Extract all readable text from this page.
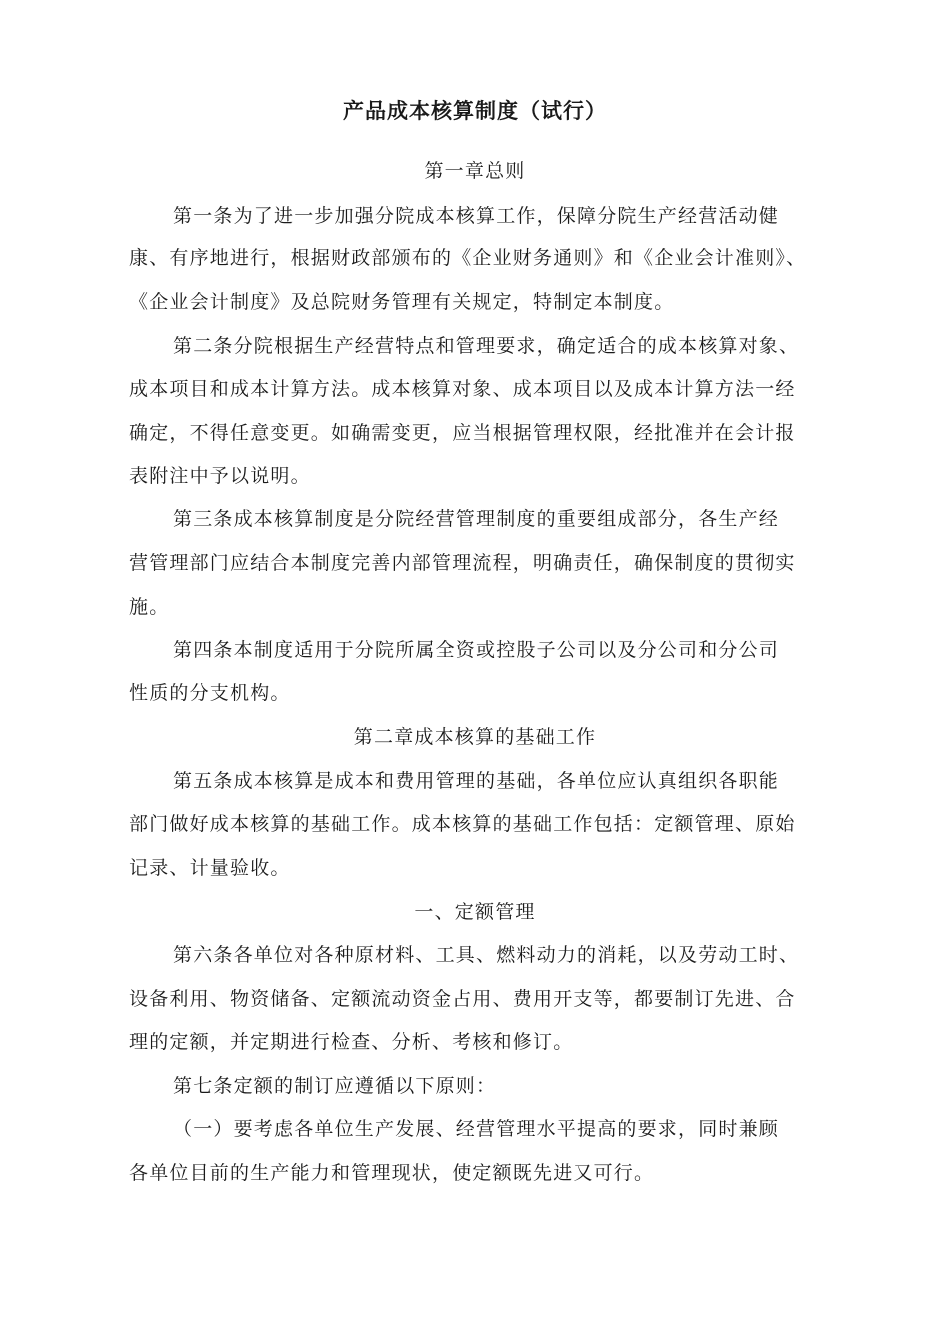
产品成本核算制度（试行）
第一章总则
第一条为了进一步加强分院成本核算工作，保障分院生产经营活动健
康、有序地进行，根据财政部颁布的《企业财务通则》和《企业会计准则》、
《企业会计制度》及总院财务管理有关规定，特制定本制度。
第二条分院根据生产经营特点和管理要求，确定适合的成本核算对象、
成本项目和成本计算方法。成本核算对象、成本项目以及成本计算方法一经
确定，不得任意变更。如确需变更，应当根据管理权限，经批准并在会计报
表附注中予以说明。
第三条成本核算制度是分院经营管理制度的重要组成部分，各生产经
营管理部门应结合本制度完善内部管理流程，明确责任，确保制度的贯彻实
施。
第四条本制度适用于分院所属全资或控股子公司以及分公司和分公司
性质的分支机构。
第二章成本核算的基础工作
第五条成本核算是成本和费用管理的基础，各单位应认真组织各职能
部门做好成本核算的基础工作。成本核算的基础工作包括：定额管理、原始
记录、计量验收。
一、定额管理
第六条各单位对各种原材料、工具、燃料动力的消耗，以及劳动工时、
设备利用、物资储备、定额流动资金占用、费用开支等，都要制订先进、合
理的定额，并定期进行检查、分析、考核和修订。
第七条定额的制订应遵循以下原则：
（一）要考虑各单位生产发展、经营管理水平提高的要求，同时兼顾
各单位目前的生产能力和管理现状，使定额既先进又可行。
